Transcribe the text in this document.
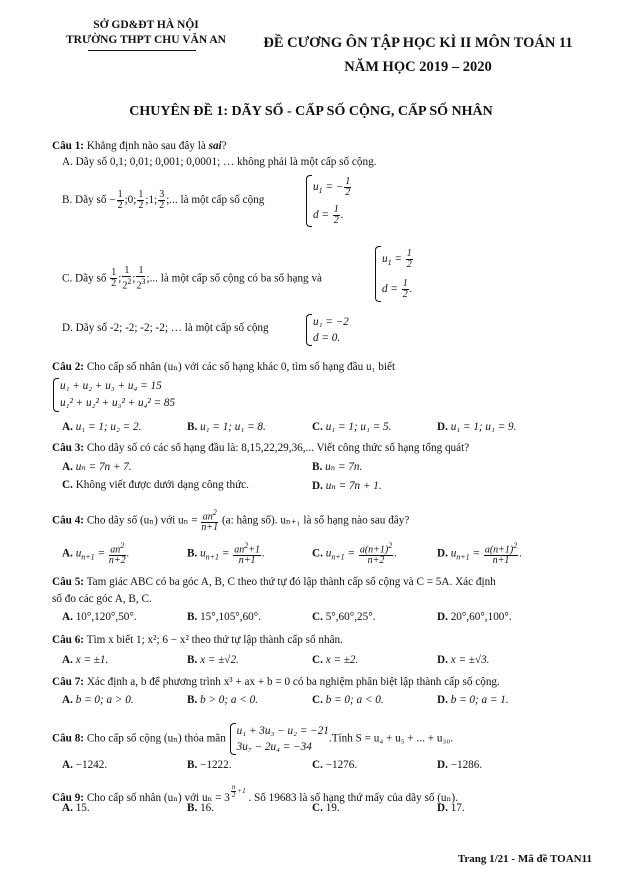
SỞ GD&ĐT HÀ NỘI
TRƯỜNG THPT CHU VĂN AN	ĐỀ CƯƠNG ÔN TẬP HỌC KÌ II MÔN TOÁN 11
NĂM HỌC 2019 – 2020
CHUYÊN ĐỀ 1: DÃY SỐ - CẤP SỐ CỘNG, CẤP SỐ NHÂN
Câu 1: Khẳng định nào sau đây là sai?
A. Dãy số 0,1; 0,01; 0,001; 0,0001; … không phải là một cấp số cộng.
B. Dãy số − $\frac{1}{2}$ ;0; $\frac{1}{2}$ ;1; $\frac{3}{2}$ ;... là một cấp số cộng
$u_1$ = − $\frac{1}{2}$
$d = \frac{1}{2}$ .
C. Dãy số $\frac{1}{2}$ ; $\frac{1}{2^2}$ ; $\frac{1}{2^3}$ ;... là một cấp số cộng có ba số hạng và
$u_1 = \frac{1}{2}$
$d = \frac{1}{2}$ .
D. Dãy số -2; -2; -2; -2; … là một cấp số cộng	u₁ = −2
d = 0.
Câu 2: Cho cấp số nhân (uₙ) với các số hạng khác 0, tìm số hạng đầu u₁ biết
u₁ + u₂ + u₃ + u₄ = 15
u₁² + u₂² + u₃² + u₄² = 85
A. u₁ = 1; u₂ = 2.	B. u₁ = 1; u₁ = 8.	C. u₁ = 1; u₁ = 5.	D. u₁ = 1; u₁ = 9.
Câu 3: Cho dãy số có các số hạng đầu là: 8,15,22,29,36,... Viết công thức số hạng tổng quát?
A. uₙ = 7n + 7.	B. uₙ = 7n.
C. Không viết được dưới dạng công thức.	D. uₙ = 7n + 1.
Câu 4: Cho dãy số (uₙ) với $u_n = \frac{an^2}{n+1} (a$: hằng số). uₙ₊₁ là số hạng nào sau đây?
A. $u_{n+1} = \frac{an^2}{n+2}$ .	B. $u_{n+1} = \frac{an^2+1}{n+1}$ .	C. $u_{n+1} = \frac{a(n+1)^2}{n+2}$ .	D. $u_{n+1} = \frac{a(n+1)^2}{n+1}$ .
Câu 5: Tam giác ABC có ba góc A, B, C theo thứ tự đó lập thành cấp số cộng và C = 5A. Xác định
số đo các góc A, B, C.
A. 10°,120°,50°.	B. 15°,105°,60°.	C. 5°,60°,25°.	D. 20°,60°,100°.
Câu 6: Tìm x biết 1; x²; 6 − x² theo thứ tự lập thành cấp số nhân.
A. x = ±1.	B. x = ±√2.	C. x = ±2.	D. x = ±√3.
Câu 7: Xác định a, b để phương trình x³ + ax + b = 0 có ba nghiệm phân biệt lập thành cấp số cộng.
A. b = 0; a > 0.	B. b > 0; a < 0.	C. b = 0; a < 0.	D. b = 0; a = 1.
Câu 8: Cho cấp số cộng (uₙ) thỏa mãn
u₁ + 3u₃ − u₂ = −21
3u₇ − 2u₄ = −34
.Tính S = u₄ + u₅ + ... + u₃₀.
A. −1242.	B. −1222.	C. −1276.	D. −1286.
Câu 9: Cho cấp số nhân (uₙ) với uₙ = 3 $^{\frac{n}{2} +1}$ . Số 19683 là số hạng thứ mấy của dãy số (uₙ).
A. 15.	B. 16.	C. 19.	D. 17.
Trang 1/21 - Mã đề TOAN11
